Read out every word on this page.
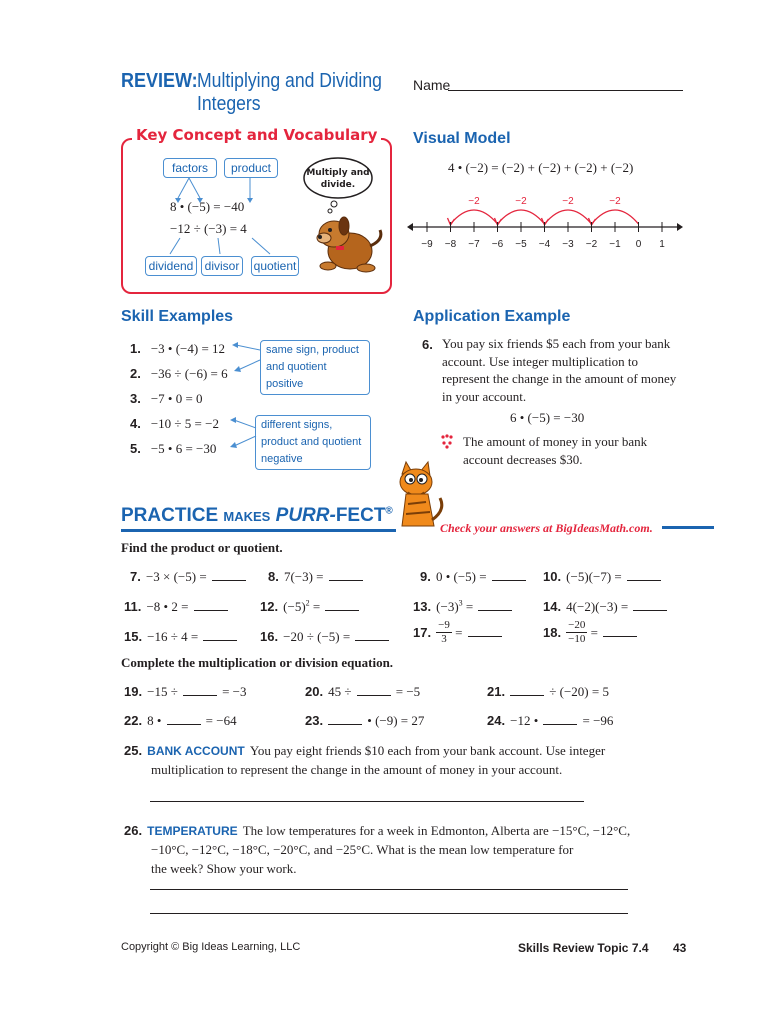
REVIEW: Multiplying and Dividing
Integers
Name
Key Concept and Vocabulary
factors	product
8 • (−5) = −40
−12 ÷ (−3) = 4
dividend divisor	quotient
Multiply and divide.
Visual Model
4 • (−2) = (−2) + (−2) + (−2) + (−2)
−2
−2
−2
−2
−9 −8 −7 −6 −5 −4 −3 −2 −1 0 1
Skill Examples
1. −3 • (−4) = 12
2. −36 ÷ (−6) = 6
3. −7 • 0 = 0
4. −10 ÷ 5 = −2
5. −5 • 6 = −30
same sign, product and quotient positive
different signs, product and quotient negative
Application Example
6. You pay six friends $5 each from your bank account. Use integer multiplication to represent the change in the amount of money in your account.
6 • (−5) = −30
The amount of money in your bank account decreases $30.
PRACTICE MAKES PURR-FECT®
Check your answers at BigIdeasMath.com.
Find the product or quotient.
7. −3 × (−5) =	8. 7(−3) =	9. 0 • (−5) =	10. (−5)(−7) =
11. −8 • 2 =	12. $(-5)^2$ =	13. $(-3)^3$ =	14. 4(−2)(−3) =
15. −16 ÷ 4 =	16. −20 ÷ (−5) =	17. $\frac{-9}{3}$ =	18. $\frac{-20}{-10}$ =
Complete the multiplication or division equation.
19. −15 ÷	= −3	20. 45 ÷	= −5	21.	÷ (−20) = 5
22. 8 •	= −64	23.	• (−9) = 27	24. −12 •	= −96
25. BANK ACCOUNT You pay eight friends $10 each from your bank account. Use integer
multiplication to represent the change in the amount of money in your account.
26. TEMPERATURE The low temperatures for a week in Edmonton, Alberta are −15°C, −12°C,
−10°C, −12°C, −18°C, −20°C, and −25°C. What is the mean low temperature for
the week? Show your work.
Copyright © Big Ideas Learning, LLC	Skills Review Topic 7.4 43
